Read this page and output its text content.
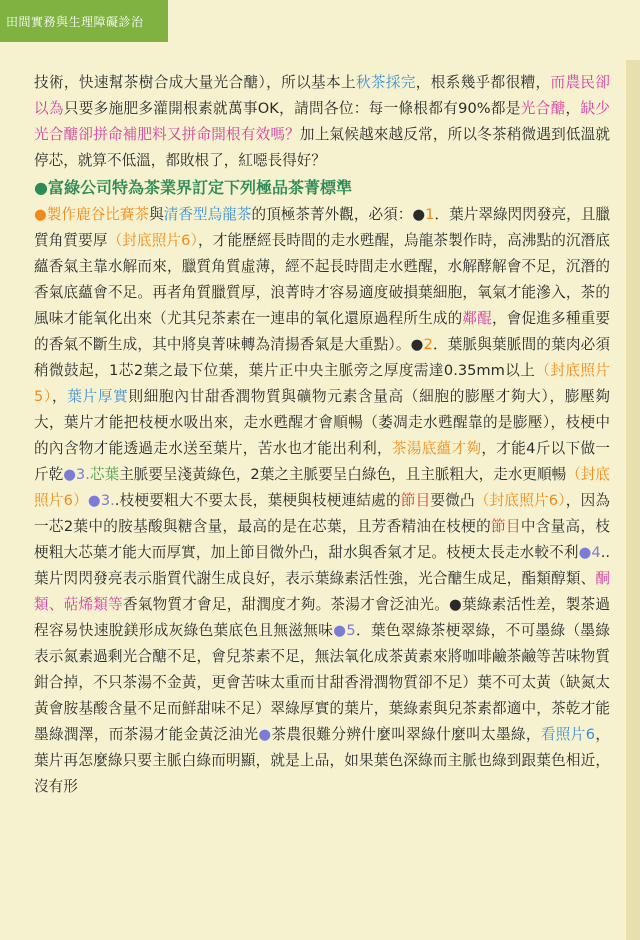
田間實務與生理障礙診治

技術，快速幫茶樹合成大量光合醣），所以基本上秋茶採完，根系幾乎都很糟，而農民卻以為只要多施肥多灌開根素就萬事OK，請問各位：每一條根都有90%都是光合醣，缺少光合醣卻拼命補肥料又拼命開根有效嗎？加上氣候越來越反常，所以冬茶稍微遇到低溫就停芯，就算不低溫，都敗根了，紅噁長得好？

●富綠公司特為茶業界訂定下列極品茶菁標準

●製作鹿谷比賽茶與清香型烏龍茶的頂極茶菁外觀，必須：●1．葉片翠綠閃閃發亮，且臘質角質要厚（封底照片6），才能歷經長時間的走水甦醒，烏龍茶製作時，高沸點的沉潛底蘊香氣主靠水解而來，臘質角質虛薄，經不起長時間走水甦醒，水解酵解會不足，沉潛的香氣底蘊會不足。再者角質臘質厚，浪菁時才容易適度破損葉細胞，氧氣才能滲入，茶的風味才能氧化出來（尤其兒茶素在一連串的氧化還原過程所生成的鄰醌，會促進多種重要的香氣不斷生成，其中將臭菁味轉為清揚香氣是大重點）。●2．葉脈與葉脈間的葉肉必須稍微鼓起，1芯2葉之最下位葉，葉片正中央主脈旁之厚度需達0.35mm以上（封底照片5），葉片厚實則細胞內甘甜香潤物質與礦物元素含量高（細胞的膨壓才夠大），膨壓夠大，葉片才能把枝梗水吸出來，走水甦醒才會順暢（萎凋走水甦醒靠的是膨壓），枝梗中的內含物才能透過走水送至葉片，苦水也才能出利利，茶湯底蘊才夠，才能4斤以下做一斤乾●3.芯葉主脈要呈淺黃綠色，2葉之主脈要呈白綠色，且主脈粗大，走水更順暢（封底照片6）●3..枝梗要粗大不要太長，葉梗與枝梗連結處的節目要微凸（封底照片6），因為一芯2葉中的胺基酸與糖含量，最高的是在芯葉，且芳香精油在枝梗的節目中含量高，枝梗粗大芯葉才能大而厚實，加上節目微外凸，甜水與香氣才足。枝梗太長走水較不利●4..葉片閃閃發亮表示脂質代謝生成良好，表示葉綠素活性強，光合醣生成足，酯類醇類、酮類、萜烯類等香氣物質才會足，甜潤度才夠。茶湯才會泛油光。●葉綠素活性差，製茶過程容易快速脫鎂形成灰綠色葉底色且無滋無味●5．葉色翠綠茶梗翠綠，不可墨綠（墨綠表示氮素過剩光合醣不足，會兒茶素不足，無法氧化成茶黃素來將咖啡鹼茶鹼等苦味物質鉗合掉，不只茶湯不金黃，更會苦味太重而甘甜香滑潤物質卻不足）葉不可太黃（缺氮太黃會胺基酸含量不足而鮮甜味不足）翠綠厚實的葉片，葉綠素與兒茶素都適中，茶乾才能墨綠潤澤，而茶湯才能金黃泛油光●茶農很難分辨什麼叫翠綠什麼叫太墨綠，看照片6，葉片再怎麼綠只要主脈白綠而明顯，就是上品，如果葉色深綠而主脈也綠到跟葉色相近，沒有形
